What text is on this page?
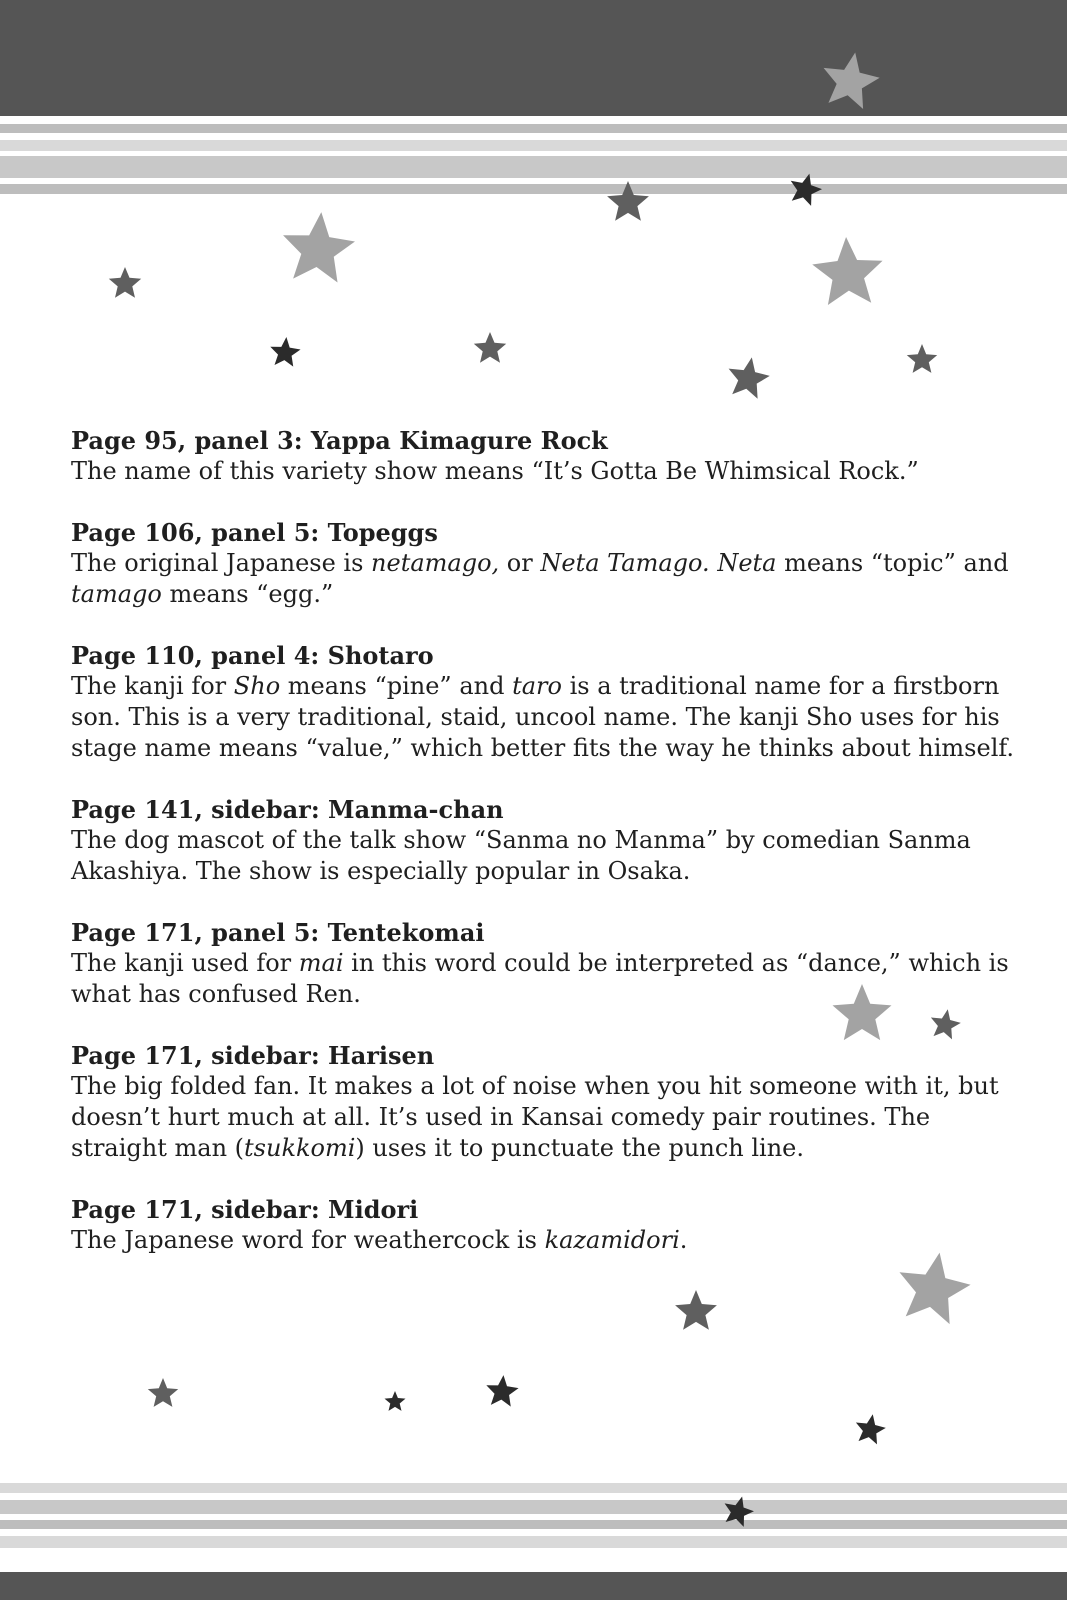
Page 95, panel 3: Yappa Kimagure Rock
The name of this variety show means “It’s Gotta Be Whimsical Rock.”
Page 106, panel 5: Topeggs
The original Japanese is netamago, or Neta Tamago. Neta means “topic” and tamago means “egg.”
Page 110, panel 4: Shotaro
The kanji for Sho means “pine” and taro is a traditional name for a firstborn son. This is a very traditional, staid, uncool name. The kanji Sho uses for his stage name means “value,” which better fits the way he thinks about himself.
Page 141, sidebar: Manma-chan
The dog mascot of the talk show “Sanma no Manma” by comedian Sanma Akashiya. The show is especially popular in Osaka.
Page 171, panel 5: Tentekomai
The kanji used for mai in this word could be interpreted as “dance,” which is what has confused Ren.
Page 171, sidebar: Harisen
The big folded fan. It makes a lot of noise when you hit someone with it, but doesn’t hurt much at all. It’s used in Kansai comedy pair routines. The straight man (tsukkomi) uses it to punctuate the punch line.
Page 171, sidebar: Midori
The Japanese word for weathercock is kazamidori.
